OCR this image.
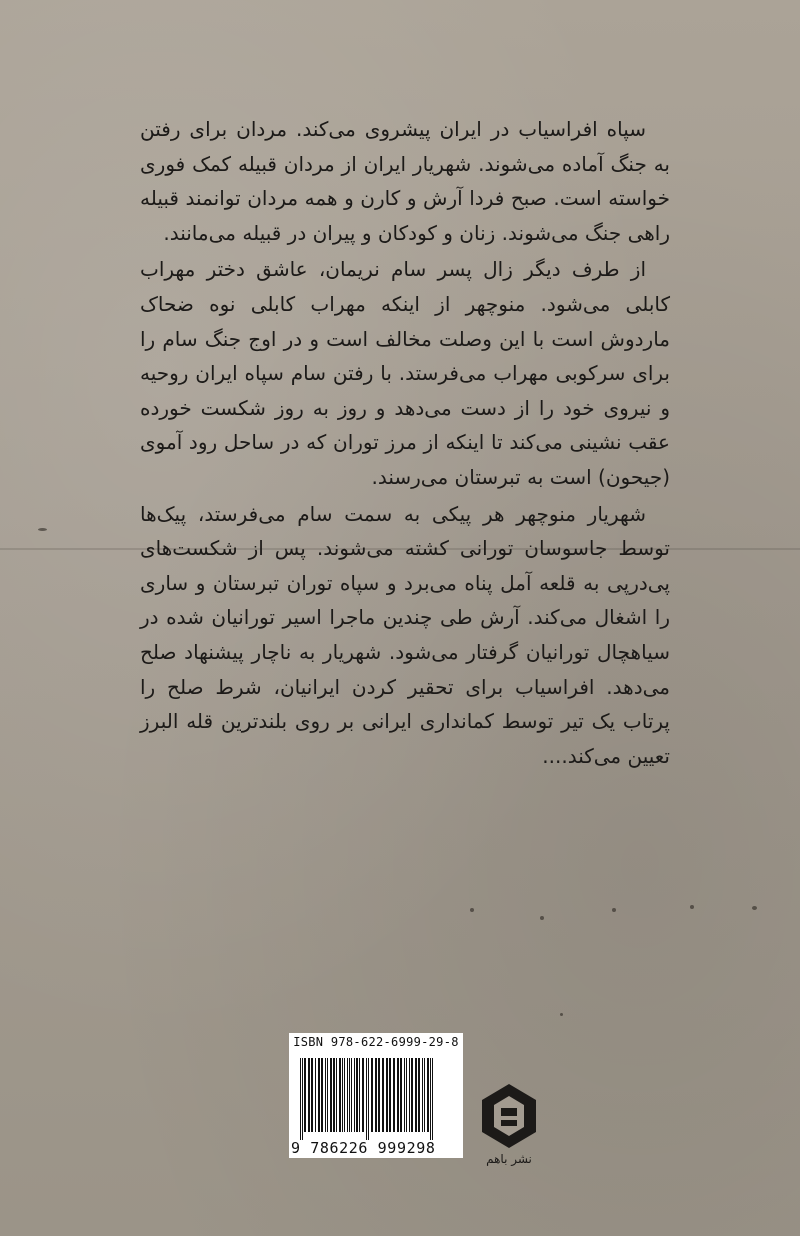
سپاه افراسیاب در ایران پیشروی می‌کند. مردان برای رفتن به جنگ آماده می‌شوند. شهریار ایران از مردان قبیله کمک فوری خواسته است. صبح فردا آرش و کارن و همه مردان توانمند قبیله راهی جنگ می‌شوند. زنان و کودکان و پیران در قبیله می‌مانند.

از طرف دیگر زال پسر سام نریمان، عاشق دختر مهراب کابلی می‌شود. منوچهر از اینکه مهراب کابلی نوه ضحاک ماردوش است با این وصلت مخالف است و در اوج جنگ سام را برای سرکوبی مهراب می‌فرستد. با رفتن سام سپاه ایران روحیه و نیروی خود را از دست می‌دهد و روز به روز شکست خورده عقب نشینی می‌کند تا اینکه از مرز توران که در ساحل رود آموی (جیحون) است به تبرستان می‌رسند.

شهریار منوچهر هر پیکی به سمت سام می‌فرستد، پیک‌ها توسط جاسوسان تورانی کشته می‌شوند. پس از شکست‌های پی‌درپی به قلعه آمل پناه می‌برد و سپاه توران تبرستان و ساری را اشغال می‌کند. آرش طی چندین ماجرا اسیر تورانیان شده در سیاهچال تورانیان گرفتار می‌شود. شهریار به ناچار پیشنهاد صلح می‌دهد. افراسیاب برای تحقیر کردن ایرانیان، شرط صلح را پرتاب یک تیر توسط کمانداری ایرانی بر روی بلندترین قله البرز تعیین می‌کند....

ISBN 978-622-6999-29-8
9 786226 999298
نشر باهم
